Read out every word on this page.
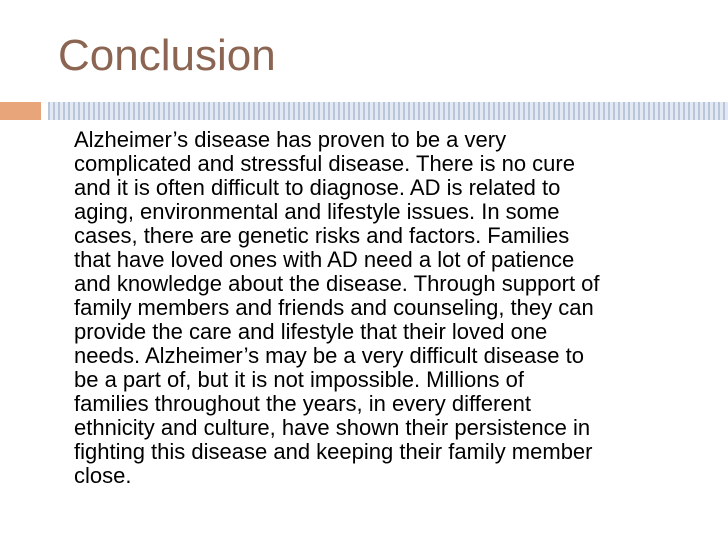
Conclusion

Alzheimer’s disease has proven to be a very
complicated and stressful disease. There is no cure
and it is often difficult to diagnose. AD is related to
aging, environmental and lifestyle issues. In some
cases, there are genetic risks and factors. Families
that have loved ones with AD need a lot of patience
and knowledge about the disease. Through support of
family members and friends and counseling, they can
provide the care and lifestyle that their loved one
needs. Alzheimer’s may be a very difficult disease to
be a part of, but it is not impossible. Millions of
families throughout the years, in every different
ethnicity and culture, have shown their persistence in
fighting this disease and keeping their family member
close.
